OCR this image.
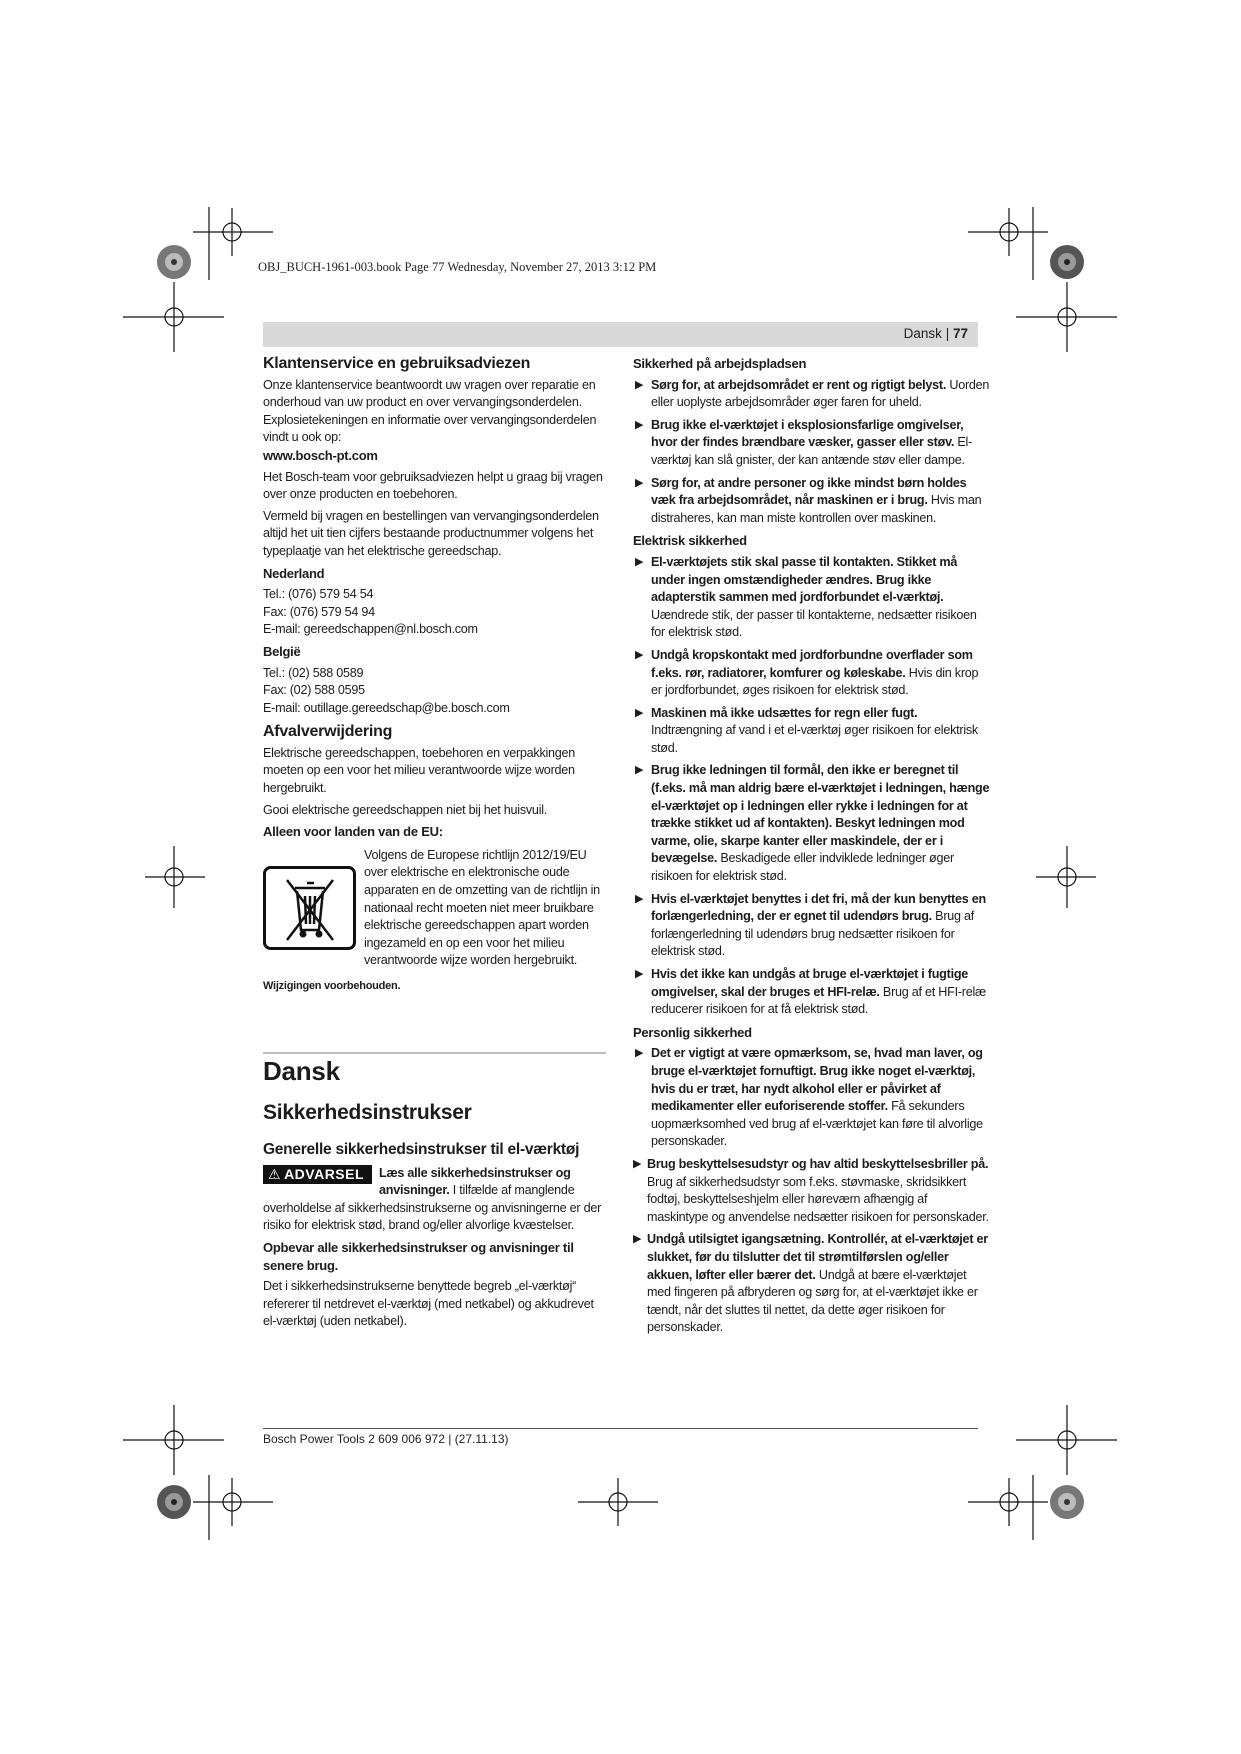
OBJ_BUCH-1961-003.book Page 77 Wednesday, November 27, 2013 3:12 PM
Dansk | 77
Klantenservice en gebruiksadviezen

Onze klantenservice beantwoordt uw vragen over reparatie en onderhoud van uw product en over vervangingsonderdelen. Explosietekeningen en informatie over vervangingsonderdelen vindt u ook op:

www.bosch-pt.com

Het Bosch-team voor gebruiksadviezen helpt u graag bij vragen over onze producten en toebehoren.

Vermeld bij vragen en bestellingen van vervangingsonderdelen altijd het uit tien cijfers bestaande productnummer volgens het typeplaatje van het elektrische gereedschap.

Nederland

Tel.: (076) 579 54 54
Fax: (076) 579 54 94
E-mail: gereedschappen@nl.bosch.com

België

Tel.: (02) 588 0589
Fax: (02) 588 0595
E-mail: outillage.gereedschap@be.bosch.com
Afvalverwijdering

Elektrische gereedschappen, toebehoren en verpakkingen moeten op een voor het milieu verantwoorde wijze worden hergebruikt.

Gooi elektrische gereedschappen niet bij het huisvuil.

Alleen voor landen van de EU:

Volgens de Europese richtlijn 2012/19/EU over elektrische en elektronische oude apparaten en de omzetting van de richtlijn in nationaal recht moeten niet meer bruikbare elektrische gereedschappen apart worden ingezameld en op een voor het milieu verantwoorde wijze worden hergebruikt.

Wijzigingen voorbehouden.

Dansk
Sikkerhedsinstrukser
Generelle sikkerhedsinstrukser til el-værktøj

⚠ ADVARSEL	Læs alle sikkerhedsinstrukser og anvisninger. I tilfælde af manglende overholdelse af sikkerhedsinstrukserne og anvisningerne er der risiko for elektrisk stød, brand og/eller alvorlige kvæstelser.

Opbevar alle sikkerhedsinstrukser og anvisninger til senere brug.

Det i sikkerhedsinstrukserne benyttede begreb „el-værktøj“ refererer til netdrevet el-værktøj (med netkabel) og akkudrevet el-værktøj (uden netkabel).

Sikkerhed på arbejdspladsen

▶ Sørg for, at arbejdsområdet er rent og rigtigt belyst. Uorden eller uoplyste arbejdsområder øger faren for uheld.
▶ Brug ikke el-værktøjet i eksplosionsfarlige omgivelser, hvor der findes brændbare væsker, gasser eller støv. El-værktøj kan slå gnister, der kan antænde støv eller dampe.
▶ Sørg for, at andre personer og ikke mindst børn holdes væk fra arbejdsområdet, når maskinen er i brug. Hvis man distraheres, kan man miste kontrollen over maskinen.

Elektrisk sikkerhed

▶ El-værktøjets stik skal passe til kontakten. Stikket må under ingen omstændigheder ændres. Brug ikke adapterstik sammen med jordforbundet el-værktøj. Uændrede stik, der passer til kontakterne, nedsætter risikoen for elektrisk stød.
▶ Undgå kropskontakt med jordforbundne overflader som f.eks. rør, radiatorer, komfurer og køleskabe. Hvis din krop er jordforbundet, øges risikoen for elektrisk stød.
▶ Maskinen må ikke udsættes for regn eller fugt. Indtrængning af vand i et el-værktøj øger risikoen for elektrisk stød.
▶ Brug ikke ledningen til formål, den ikke er beregnet til (f.eks. må man aldrig bære el-værktøjet i ledningen, hænge el-værktøjet op i ledningen eller rykke i ledningen for at trække stikket ud af kontakten). Beskyt ledningen mod varme, olie, skarpe kanter eller maskindele, der er i bevægelse. Beskadigede eller indviklede ledninger øger risikoen for elektrisk stød.
▶ Hvis el-værktøjet benyttes i det fri, må der kun benyttes en forlængerledning, der er egnet til udendørs brug. Brug af forlængerledning til udendørs brug nedsætter risikoen for elektrisk stød.
▶ Hvis det ikke kan undgås at bruge el-værktøjet i fugtige omgivelser, skal der bruges et HFI-relæ. Brug af et HFI-relæ reducerer risikoen for at få elektrisk stød.

Personlig sikkerhed

▶ Det er vigtigt at være opmærksom, se, hvad man laver, og bruge el-værktøjet fornuftigt. Brug ikke noget el-værktøj, hvis du er træt, har nydt alkohol eller er påvirket af medikamenter eller euforiserende stoffer. Få sekunders uopmærksomhed ved brug af el-værktøjet kan føre til alvorlige personskader.
▶ Brug beskyttelsesudstyr og hav altid beskyttelsesbriller på. Brug af sikkerhedsudstyr som f.eks. støvmaske, skridsikkert fodtøj, beskyttelseshjelm eller høreværn afhængig af maskintype og anvendelse nedsætter risikoen for personskader.
▶ Undgå utilsigtet igangsætning. Kontrollér, at el-værktøjet er slukket, før du tilslutter det til strømtilførslen og/eller akkuen, løfter eller bærer det. Undgå at bære el-værktøjet med fingeren på afbryderen og sørg for, at el-værktøjet ikke er tændt, når det sluttes til nettet, da dette øger risikoen for personskader.
Bosch Power Tools 2 609 006 972 | (27.11.13)
